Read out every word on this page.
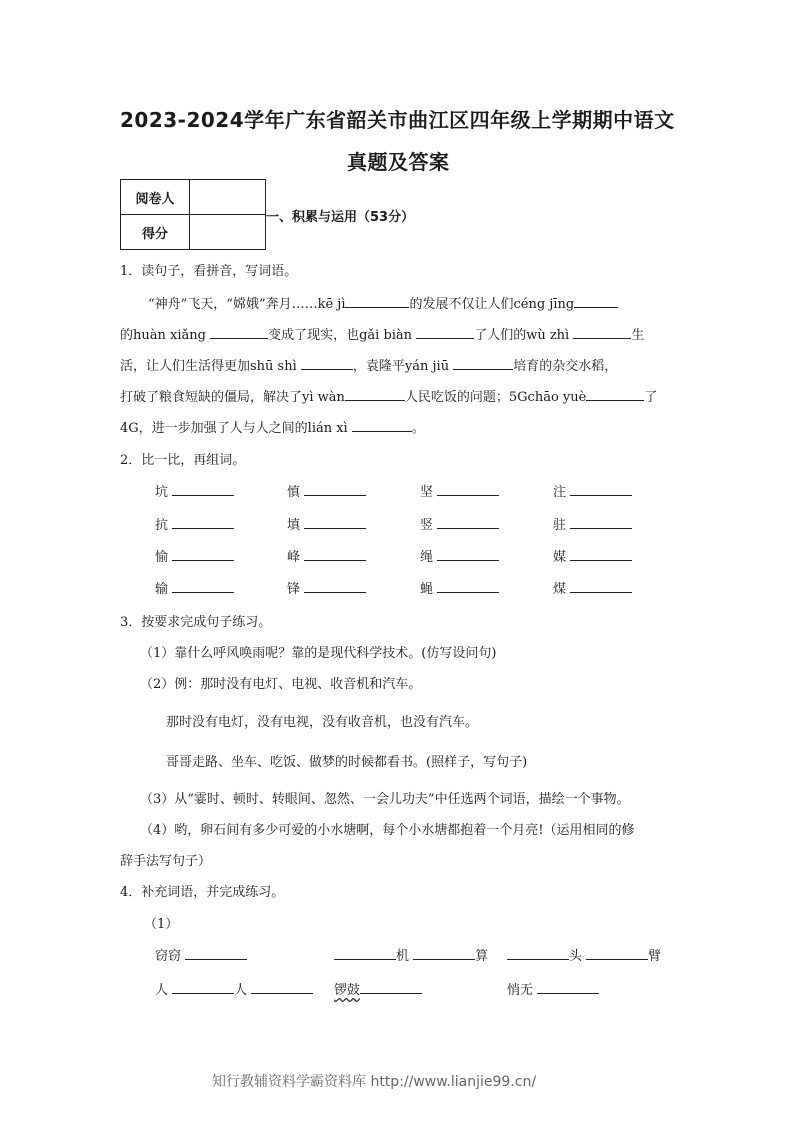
2023-2024学年广东省韶关市曲江区四年级上学期期中语文
真题及答案
阅卷人	
得分	
一、积累与运用（53分）
1．读句子，看拼音，写词语。
“神舟”飞天，“嫦娥”奔月……kē jì	的发展不仅让人们céng jīng
的huàn xiǎng	变成了现实，也gǎi biàn	了人们的wù zhì	生
活，让人们生活得更加shū shì	，袁隆平yán jiū	培育的杂交水稻，
打破了粮食短缺的僵局，解决了yì wàn	人民吃饭的问题；5Gchāo yuè	了
4G，进一步加强了人与人之间的lián xì	。
2．比一比，再组词。
坑	慎	坚	注
抗	填	竖	驻
愉	峰	绳	媒
输	锋	蝇	煤
3．按要求完成句子练习。
（1）靠什么呼风唤雨呢？靠的是现代科学技术。(仿写设问句)
（2）例：那时没有电灯、电视、收音机和汽车。
那时没有电灯，没有电视，没有收音机，也没有汽车。
哥哥走路、坐车、吃饭、做梦的时候都看书。(照样子，写句子)
（3）从“霎时、顿时、转眼间、忽然、一会儿功夫”中任选两个词语，描绘一个事物。
（4）哟，卵石间有多少可爱的小水塘啊，每个小水塘都抱着一个月亮!（运用相同的修
辞手法写句子）
4．补充词语，并完成练习。
（1）
窃窃	机	算	头	臂
人	人	锣鼓	悄无
知行教辅资料学霸资料库 http://www.lianjie99.cn/
